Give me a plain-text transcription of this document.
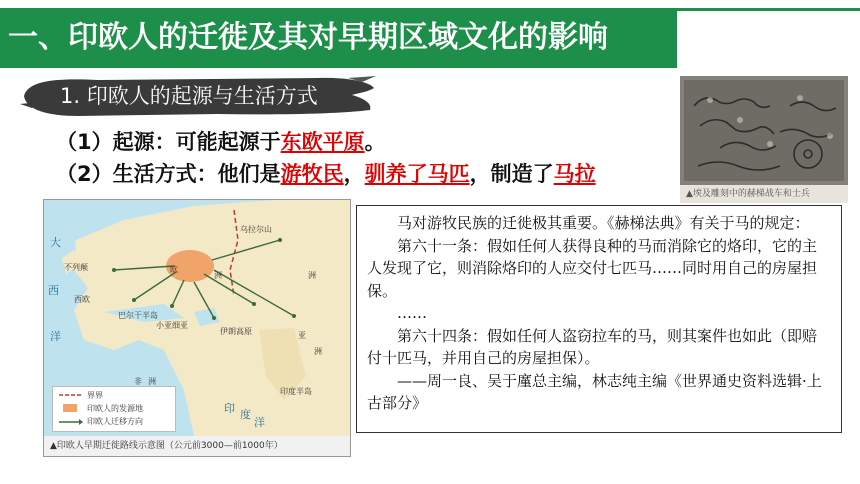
一、印欧人的迁徙及其对早期区域文化的影响
1. 印欧人的起源与生活方式
（1）起源：可能起源于东欧平原。
（2）生活方式：他们是游牧民，驯养了马匹，制造了马拉
▲埃及雕刻中的赫梯战车和士兵
大
西
洋
不列颠
西欧
巴尔干半岛
小亚细亚
伊朗高原
印度半岛
洲
亚
洲
洋
印 度
欧
洲
非 洲
乌拉尔山
界界
印欧人的发源地
印欧人迁移方向
▲印欧人早期迁徙路线示意图（公元前3000—前1000年）

马对游牧民族的迁徙极其重要。《赫梯法典》有关于马的规定：

第六十一条：假如任何人获得良种的马而消除它的烙印，它的主人发现了它，则消除烙印的人应交付七匹马……同时用自己的房屋担保。

……

第六十四条：假如任何人盗窃拉车的马，则其案件也如此（即赔付十匹马，并用自己的房屋担保）。

——周一良、吴于廑总主编，林志纯主编《世界通史资料选辑·上古部分》
